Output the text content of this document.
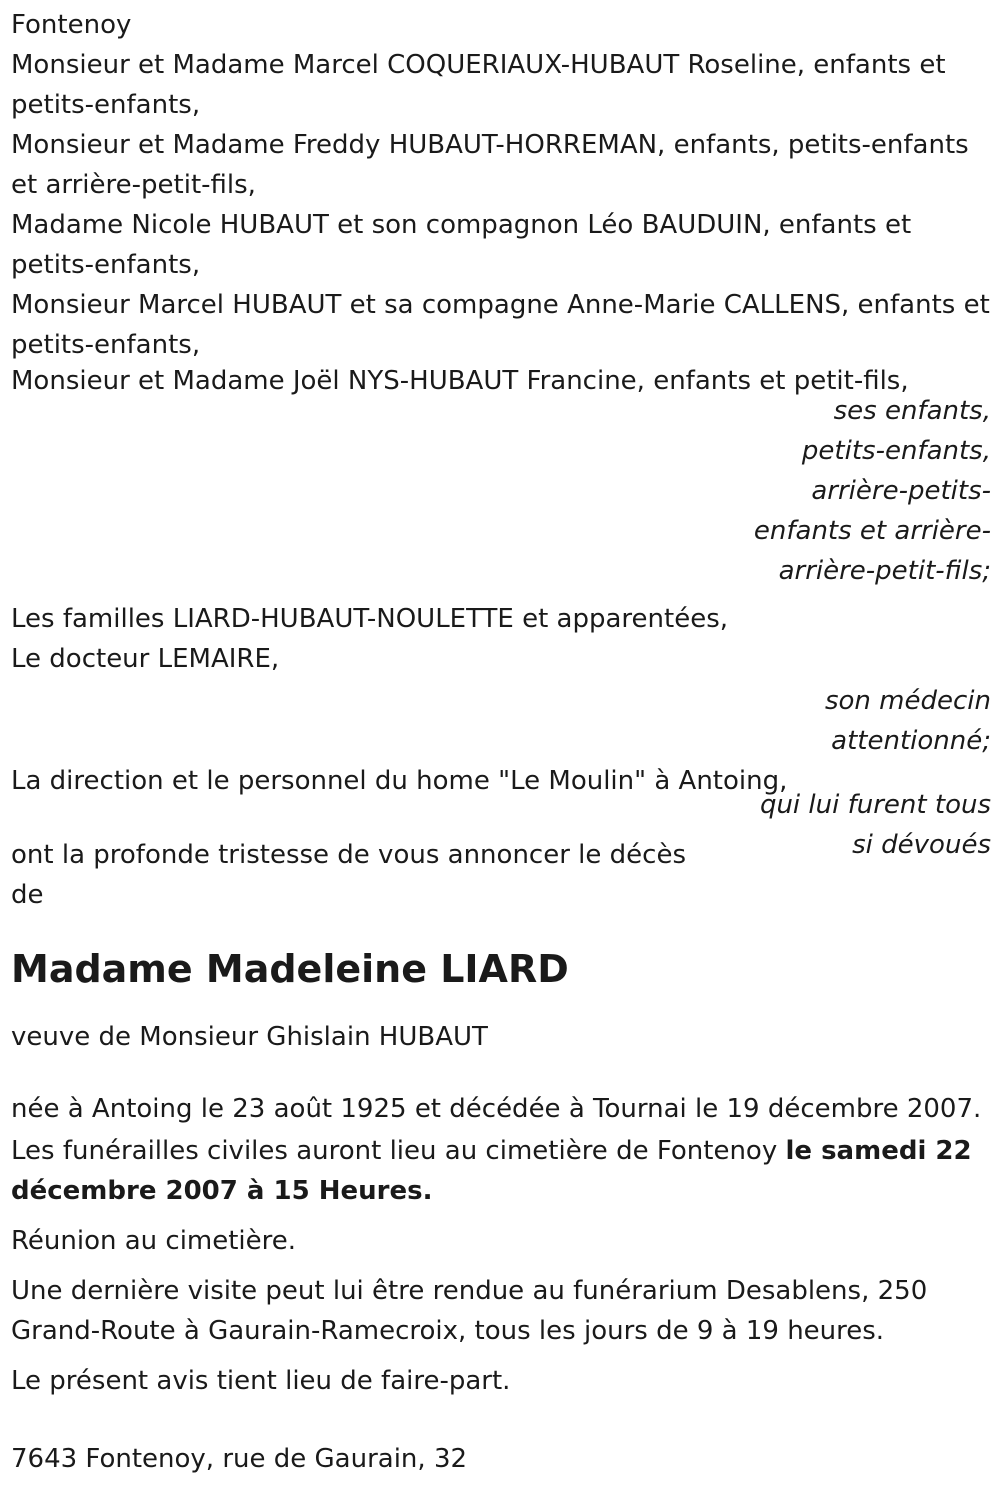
Fontenoy
Monsieur et Madame Marcel COQUERIAUX-HUBAUT Roseline, enfants et petits-enfants,
Monsieur et Madame Freddy HUBAUT-HORREMAN, enfants, petits-enfants et arrière-petit-fils,
Madame Nicole HUBAUT et son compagnon Léo BAUDUIN, enfants et petits-enfants,
Monsieur Marcel HUBAUT et sa compagne Anne-Marie CALLENS, enfants et petits-enfants,
Monsieur et Madame Joël NYS-HUBAUT Francine, enfants et petit-fils,
ses enfants, petits-enfants, arrière-petits-enfants et arrière-arrière-petit-fils;
Les familles LIARD-HUBAUT-NOULETTE et apparentées,
Le docteur LEMAIRE,
son médecin attentionné;
La direction et le personnel du home "Le Moulin" à Antoing,
qui lui furent tous si dévoués
ont la profonde tristesse de vous annoncer le décès de
Madame Madeleine LIARD
veuve de Monsieur Ghislain HUBAUT
née à Antoing le 23 août 1925 et décédée à Tournai le 19 décembre 2007.
Les funérailles civiles auront lieu au cimetière de Fontenoy le samedi 22 décembre 2007 à 15 Heures.
Réunion au cimetière.
Une dernière visite peut lui être rendue au funérarium Desablens, 250 Grand-Route à Gaurain-Ramecroix, tous les jours de 9 à 19 heures.
Le présent avis tient lieu de faire-part.
7643 Fontenoy, rue de Gaurain, 32
